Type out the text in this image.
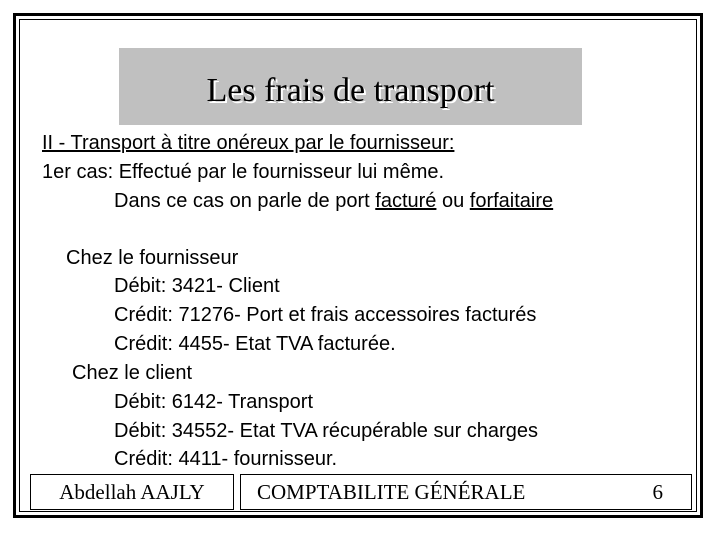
Les frais de transport
II - Transport à titre onéreux par le fournisseur:
1er cas: Effectué par le fournisseur lui même.
Dans ce cas on parle de port facturé ou forfaitaire
Chez le fournisseur
Débit: 3421- Client
Crédit: 71276- Port et frais accessoires facturés
Crédit: 4455- Etat TVA facturée.
Chez le client
Débit: 6142- Transport
Débit: 34552- Etat TVA récupérable sur charges
Crédit: 4411- fournisseur.
Abdellah AAJLY COMPTABILITE GÉNÉRALE	6
